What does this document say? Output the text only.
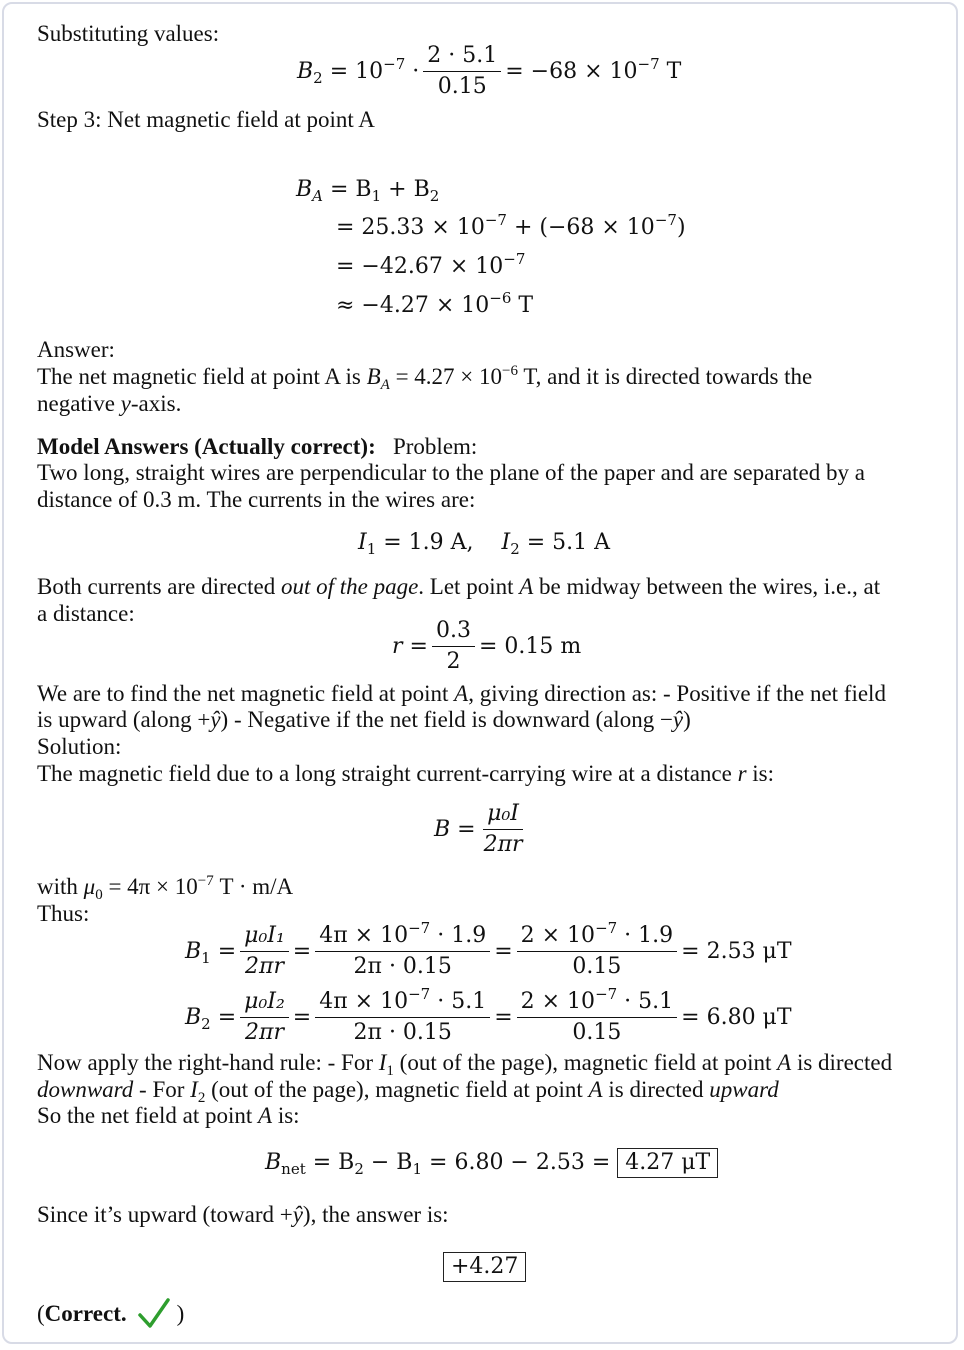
Substituting values:
$B_2 = 10^{-7} \cdot \frac{2 \cdot 5.1}{0.15} = -68 \times 10^{-7}$ T
Step 3: Net magnetic field at point A
$B_A = B_1 + B_2$
= $25.33 \times 10^{-7} + (-68 \times 10^{-7})$
= $-42.67 \times 10^{-7}$
≈ $-4.27 \times 10^{-6}$ T
Answer:
The net magnetic field at point A is $B_A = 4.27 \times 10^{-6}$ T, and it is directed towards the
negative y-axis.
Model Answers (Actually correct): Problem:
Two long, straight wires are perpendicular to the plane of the paper and are separated by a
distance of 0.3 m. The currents in the wires are:
$I_1 = 1.9$ A, $I_2 = 5.1$ A
Both currents are directed out of the page. Let point A be midway between the wires, i.e., at
a distance:
$r = \frac{0.3}{2} = 0.15$ m
We are to find the net magnetic field at point A, giving direction as: - Positive if the net field
is upward (along +ŷ) - Negative if the net field is downward (along −ŷ)
Solution:
The magnetic field due to a long straight current-carrying wire at a distance r is:
$B = \frac{\text{μ₀I}}{2\pi r}$
with $\mu_0 = 4\pi \times 10^{-7}$ T · m/A
Thus:
$B_1 = \frac{\text{μ₀I₁}}{2\pi r} = \frac{4\pi \times 10^{-7} \cdot 1.9}{2\pi \cdot 0.15} = \frac{2 \times 10^{-7} \cdot 1.9}{0.15} = 2.53$ μT
$B_2 = \frac{\text{μ₀I₂}}{2\pi r} = \frac{4\pi \times 10^{-7} \cdot 5.1}{2\pi \cdot 0.15} = \frac{2 \times 10^{-7} \cdot 5.1}{0.15} = 6.80$ μT
Now apply the right-hand rule: - For $I_1$ (out of the page), magnetic field at point A is directed
downward - For $I_2$ (out of the page), magnetic field at point A is directed upward
So the net field at point A is:
$B_{net} = B_2 - B_1 = 6.80 - 2.53 = 4.27$ μT
Since it’s upward (toward +ŷ), the answer is:
+4.27
(Correct. )
